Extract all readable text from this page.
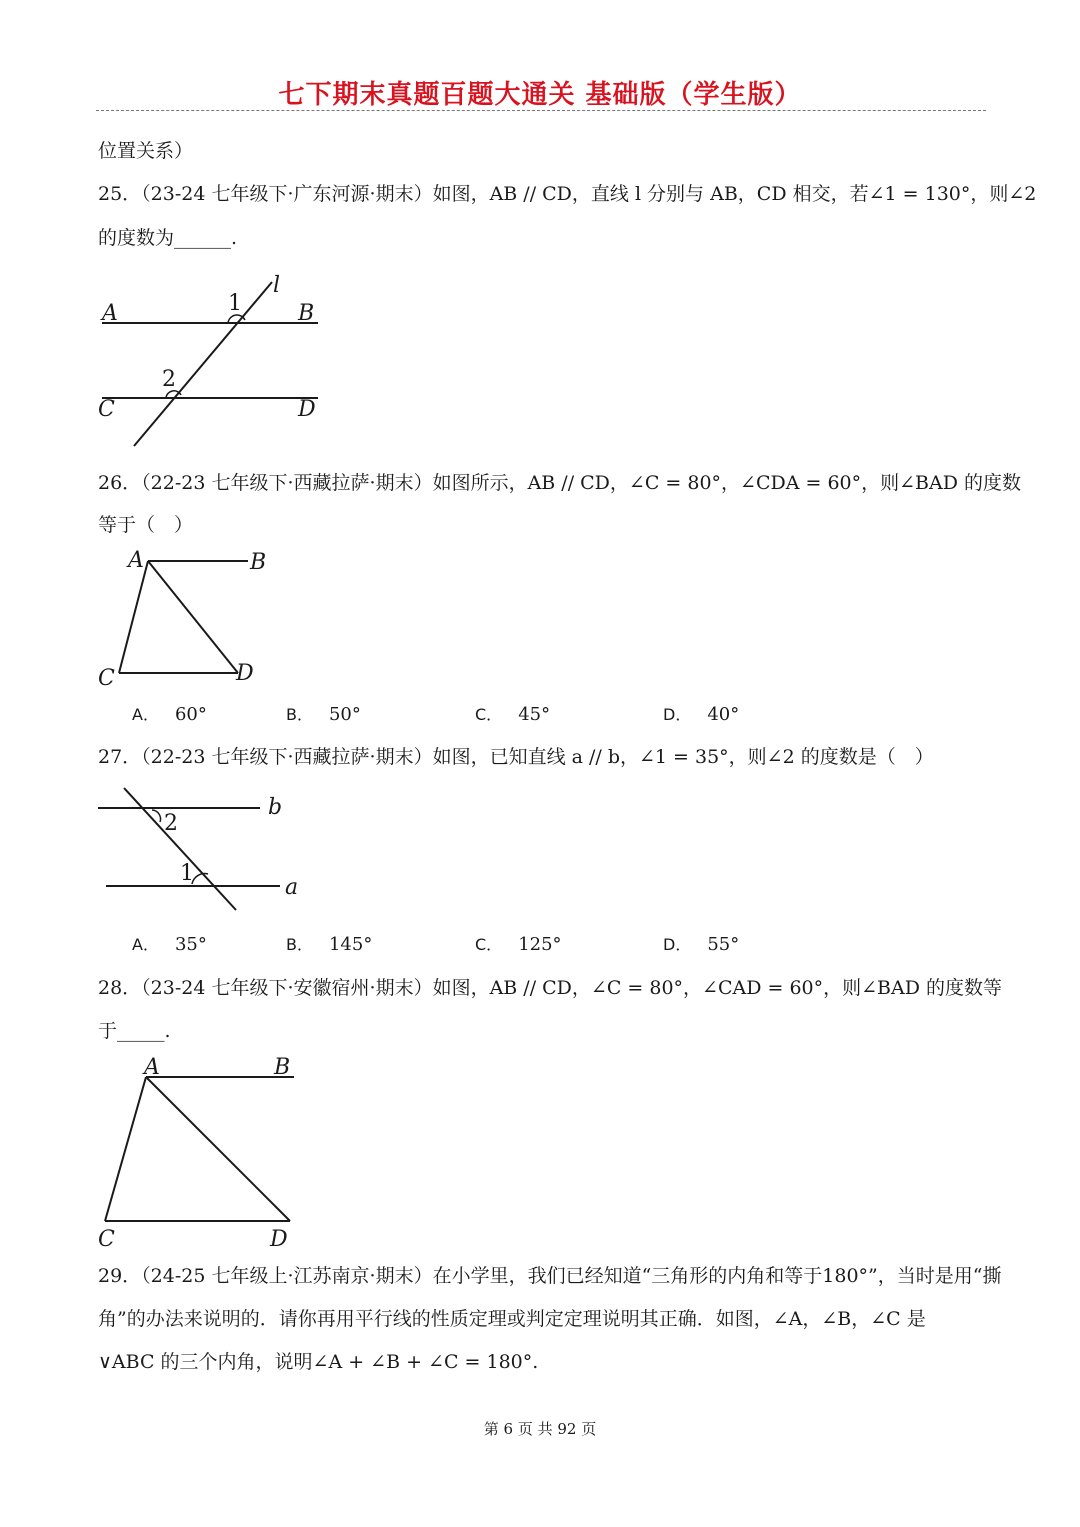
七下期末真题百题大通关 基础版（学生版）
位置关系）
25．（23-24 七年级下·广东河源·期末）如图，AB // CD，直线 l 分别与 AB，CD 相交，若∠1 = 130°，则∠2
的度数为______.
A	B
C	D
l
1
2
26．（22-23 七年级下·西藏拉萨·期末）如图所示，AB // CD，∠C = 80°，∠CDA = 60°，则∠BAD 的度数
等于（　）
A	B
C	D
A． 60°	B． 50°	C． 45°	D． 40°
27．（22-23 七年级下·西藏拉萨·期末）如图，已知直线 a // b，∠1 = 35°，则∠2 的度数是（　）
b
a
2
1
A． 35°	B． 145°	C． 125°	D． 55°
28．（23-24 七年级下·安徽宿州·期末）如图，AB // CD，∠C = 80°，∠CAD = 60°，则∠BAD 的度数等
于_____.
A	B
C	D
29．（24-25 七年级上·江苏南京·期末）在小学里，我们已经知道“三角形的内角和等于180°”，当时是用“撕
角”的办法来说明的．请你再用平行线的性质定理或判定定理说明其正确．如图，∠A，∠B，∠C 是
∨ABC 的三个内角，说明∠A + ∠B + ∠C = 180°.
第 6 页 共 92 页
